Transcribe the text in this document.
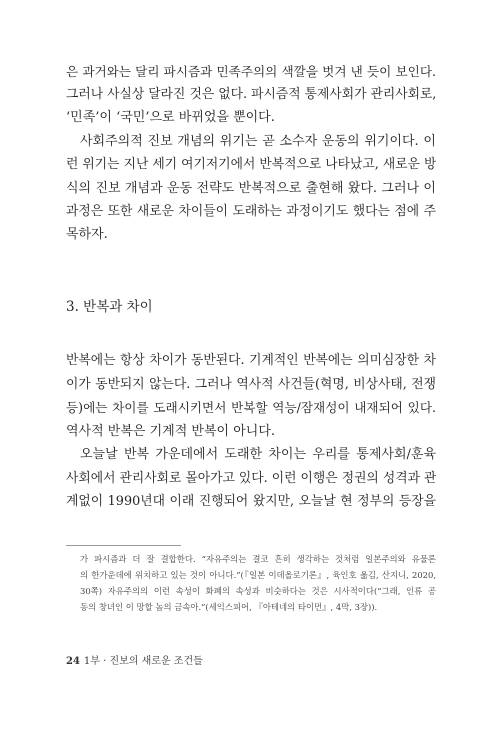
은 과거와는 달리 파시즘과 민족주의의 색깔을 벗겨 낸 듯이 보인다.
그러나 사실상 달라진 것은 없다. 파시즘적 통제사회가 관리사회로,
‘민족’이 ‘국민’으로 바뀌었을 뿐이다.
사회주의적 진보 개념의 위기는 곧 소수자 운동의 위기이다. 이
런 위기는 지난 세기 여기저기에서 반복적으로 나타났고, 새로운 방
식의 진보 개념과 운동 전략도 반복적으로 출현해 왔다. 그러나 이
과정은 또한 새로운 차이들이 도래하는 과정이기도 했다는 점에 주
목하자.
3. 반복과 차이
반복에는 항상 차이가 동반된다. 기계적인 반복에는 의미심장한 차
이가 동반되지 않는다. 그러나 역사적 사건들(혁명, 비상사태, 전쟁
등)에는 차이를 도래시키면서 반복할 역능/잠재성이 내재되어 있다.
역사적 반복은 기계적 반복이 아니다.
오늘날 반복 가운데에서 도래한 차이는 우리를 통제사회/훈육
사회에서 관리사회로 몰아가고 있다. 이런 이행은 정권의 성격과 관
계없이 1990년대 이래 진행되어 왔지만, 오늘날 현 정부의 등장을
가 파시즘과 더 잘 결합한다. “자유주의는 결코 흔히 생각하는 것처럼 일본주의와 유물론
의 한가운데에 위치하고 있는 것이 아니다.”(『일본 이데올로기론』, 육인호 옮김, 산지니, 2020,
30쪽) 자유주의의 이런 속성이 화폐의 속성과 비슷하다는 것은 시사적이다(“그래, 인류 공
동의 창녀인 이 망할 놈의 금속아.”(세익스피어, 『아테네의 타이먼』, 4막, 3장)).
24 1부 · 진보의 새로운 조건들
